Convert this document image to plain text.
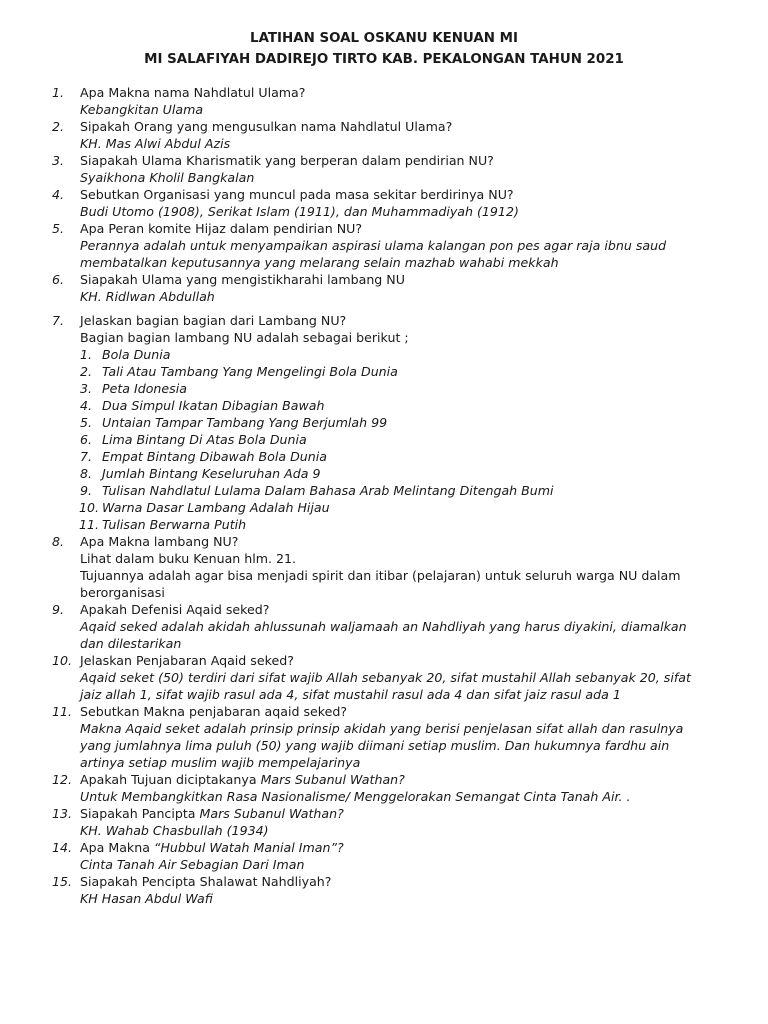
LATIHAN SOAL OSKANU KENUAN MI
MI SALAFIYAH DADIREJO TIRTO KAB. PEKALONGAN TAHUN 2021
1. Apa Makna nama Nahdlatul Ulama?
Kebangkitan Ulama
2. Sipakah Orang yang mengusulkan nama Nahdlatul Ulama?
KH. Mas Alwi Abdul Azis
3. Siapakah Ulama Kharismatik yang berperan dalam pendirian NU?
Syaikhona Kholil Bangkalan
4. Sebutkan Organisasi yang muncul pada masa sekitar berdirinya NU?
Budi Utomo (1908), Serikat Islam (1911), dan Muhammadiyah (1912)
5. Apa Peran komite Hijaz dalam pendirian NU?
Perannya adalah untuk menyampaikan aspirasi ulama kalangan pon pes agar raja ibnu saud
membatalkan keputusannya yang melarang selain mazhab wahabi mekkah
6. Siapakah Ulama yang mengistikharahi lambang NU
KH. Ridlwan Abdullah
7. Jelaskan bagian bagian dari Lambang NU?
Bagian bagian lambang NU adalah sebagai berikut ;
1. Bola Dunia
2. Tali Atau Tambang Yang Mengelingi Bola Dunia
3. Peta Idonesia
4. Dua Simpul Ikatan Dibagian Bawah
5. Untaian Tampar Tambang Yang Berjumlah 99
6. Lima Bintang Di Atas Bola Dunia
7. Empat Bintang Dibawah Bola Dunia
8. Jumlah Bintang Keseluruhan Ada 9
9. Tulisan Nahdlatul Lulama Dalam Bahasa Arab Melintang Ditengah Bumi
10. Warna Dasar Lambang Adalah Hijau
11. Tulisan Berwarna Putih
8. Apa Makna lambang NU?
Lihat dalam buku Kenuan hlm. 21.
Tujuannya adalah agar bisa menjadi spirit dan itibar (pelajaran) untuk seluruh warga NU dalam
berorganisasi
9. Apakah Defenisi Aqaid seked?
Aqaid seked adalah akidah ahlussunah waljamaah an Nahdliyah yang harus diyakini, diamalkan
dan dilestarikan
10. Jelaskan Penjabaran Aqaid seked?
Aqaid seket (50) terdiri dari sifat wajib Allah sebanyak 20, sifat mustahil Allah sebanyak 20, sifat
jaiz allah 1, sifat wajib rasul ada 4, sifat mustahil rasul ada 4 dan sifat jaiz rasul ada 1
11. Sebutkan Makna penjabaran aqaid seked?
Makna Aqaid seket adalah prinsip prinsip akidah yang berisi penjelasan sifat allah dan rasulnya
yang jumlahnya lima puluh (50) yang wajib diimani setiap muslim. Dan hukumnya fardhu ain
artinya setiap muslim wajib mempelajarinya
12. Apakah Tujuan diciptakanya Mars Subanul Wathan?
Untuk Membangkitkan Rasa Nasionalisme/ Menggelorakan Semangat Cinta Tanah Air. .
13. Siapakah Pancipta Mars Subanul Wathan?
KH. Wahab Chasbullah (1934)
14. Apa Makna “Hubbul Watah Manial Iman”?
Cinta Tanah Air Sebagian Dari Iman
15. Siapakah Pencipta Shalawat Nahdliyah?
KH Hasan Abdul Wafi
